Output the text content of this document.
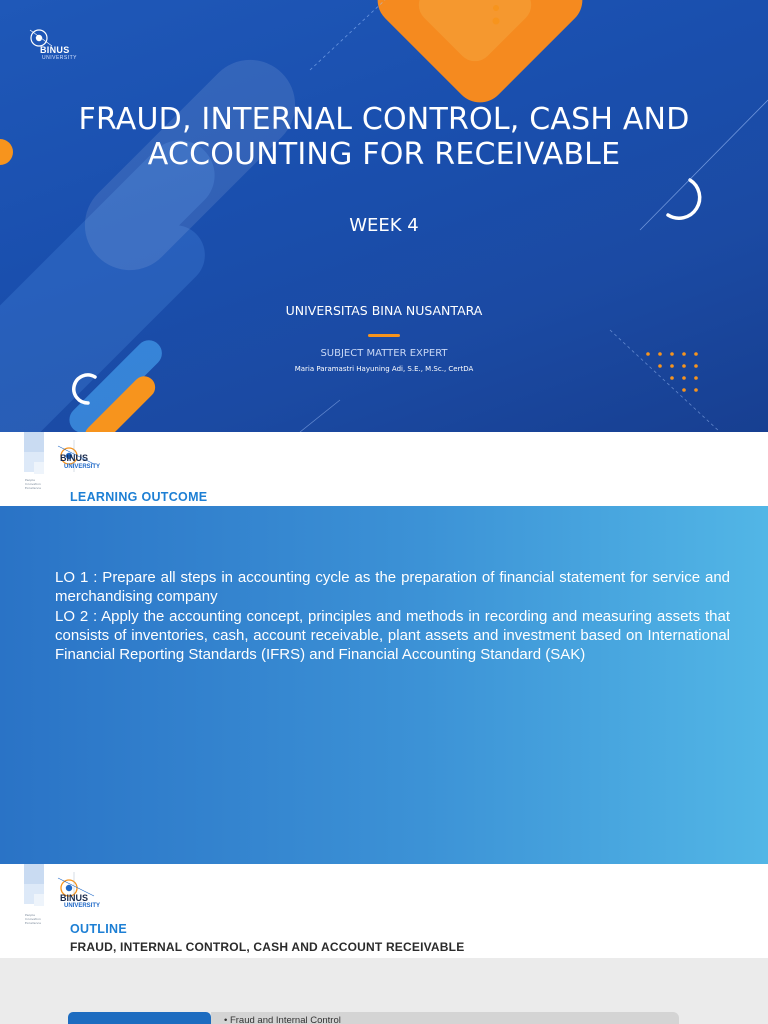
BINUS
UNIVERSITY
FRAUD, INTERNAL CONTROL, CASH AND
ACCOUNTING FOR RECEIVABLE
WEEK 4
UNIVERSITAS BINA NUSANTARA
SUBJECT MATTER EXPERT
Maria Paramastri Hayuning Adi, S.E., M.Sc., CertDA
BINUS
UNIVERSITY
People
Innovation
Excellence
LEARNING OUTCOME

LO 1 : Prepare all steps in accounting cycle as the preparation of financial statement for service and merchandising company

LO 2 : Apply the accounting concept, principles and methods in recording and measuring assets that consists of inventories, cash, account receivable, plant assets and investment based on International Financial Reporting Standards (IFRS) and Financial Accounting Standard (SAK)

BINUS
UNIVERSITY
People
Innovation
Excellence OUTLINE
FRAUD, INTERNAL CONTROL, CASH AND ACCOUNT RECEIVABLE
• Fraud and Internal Control
